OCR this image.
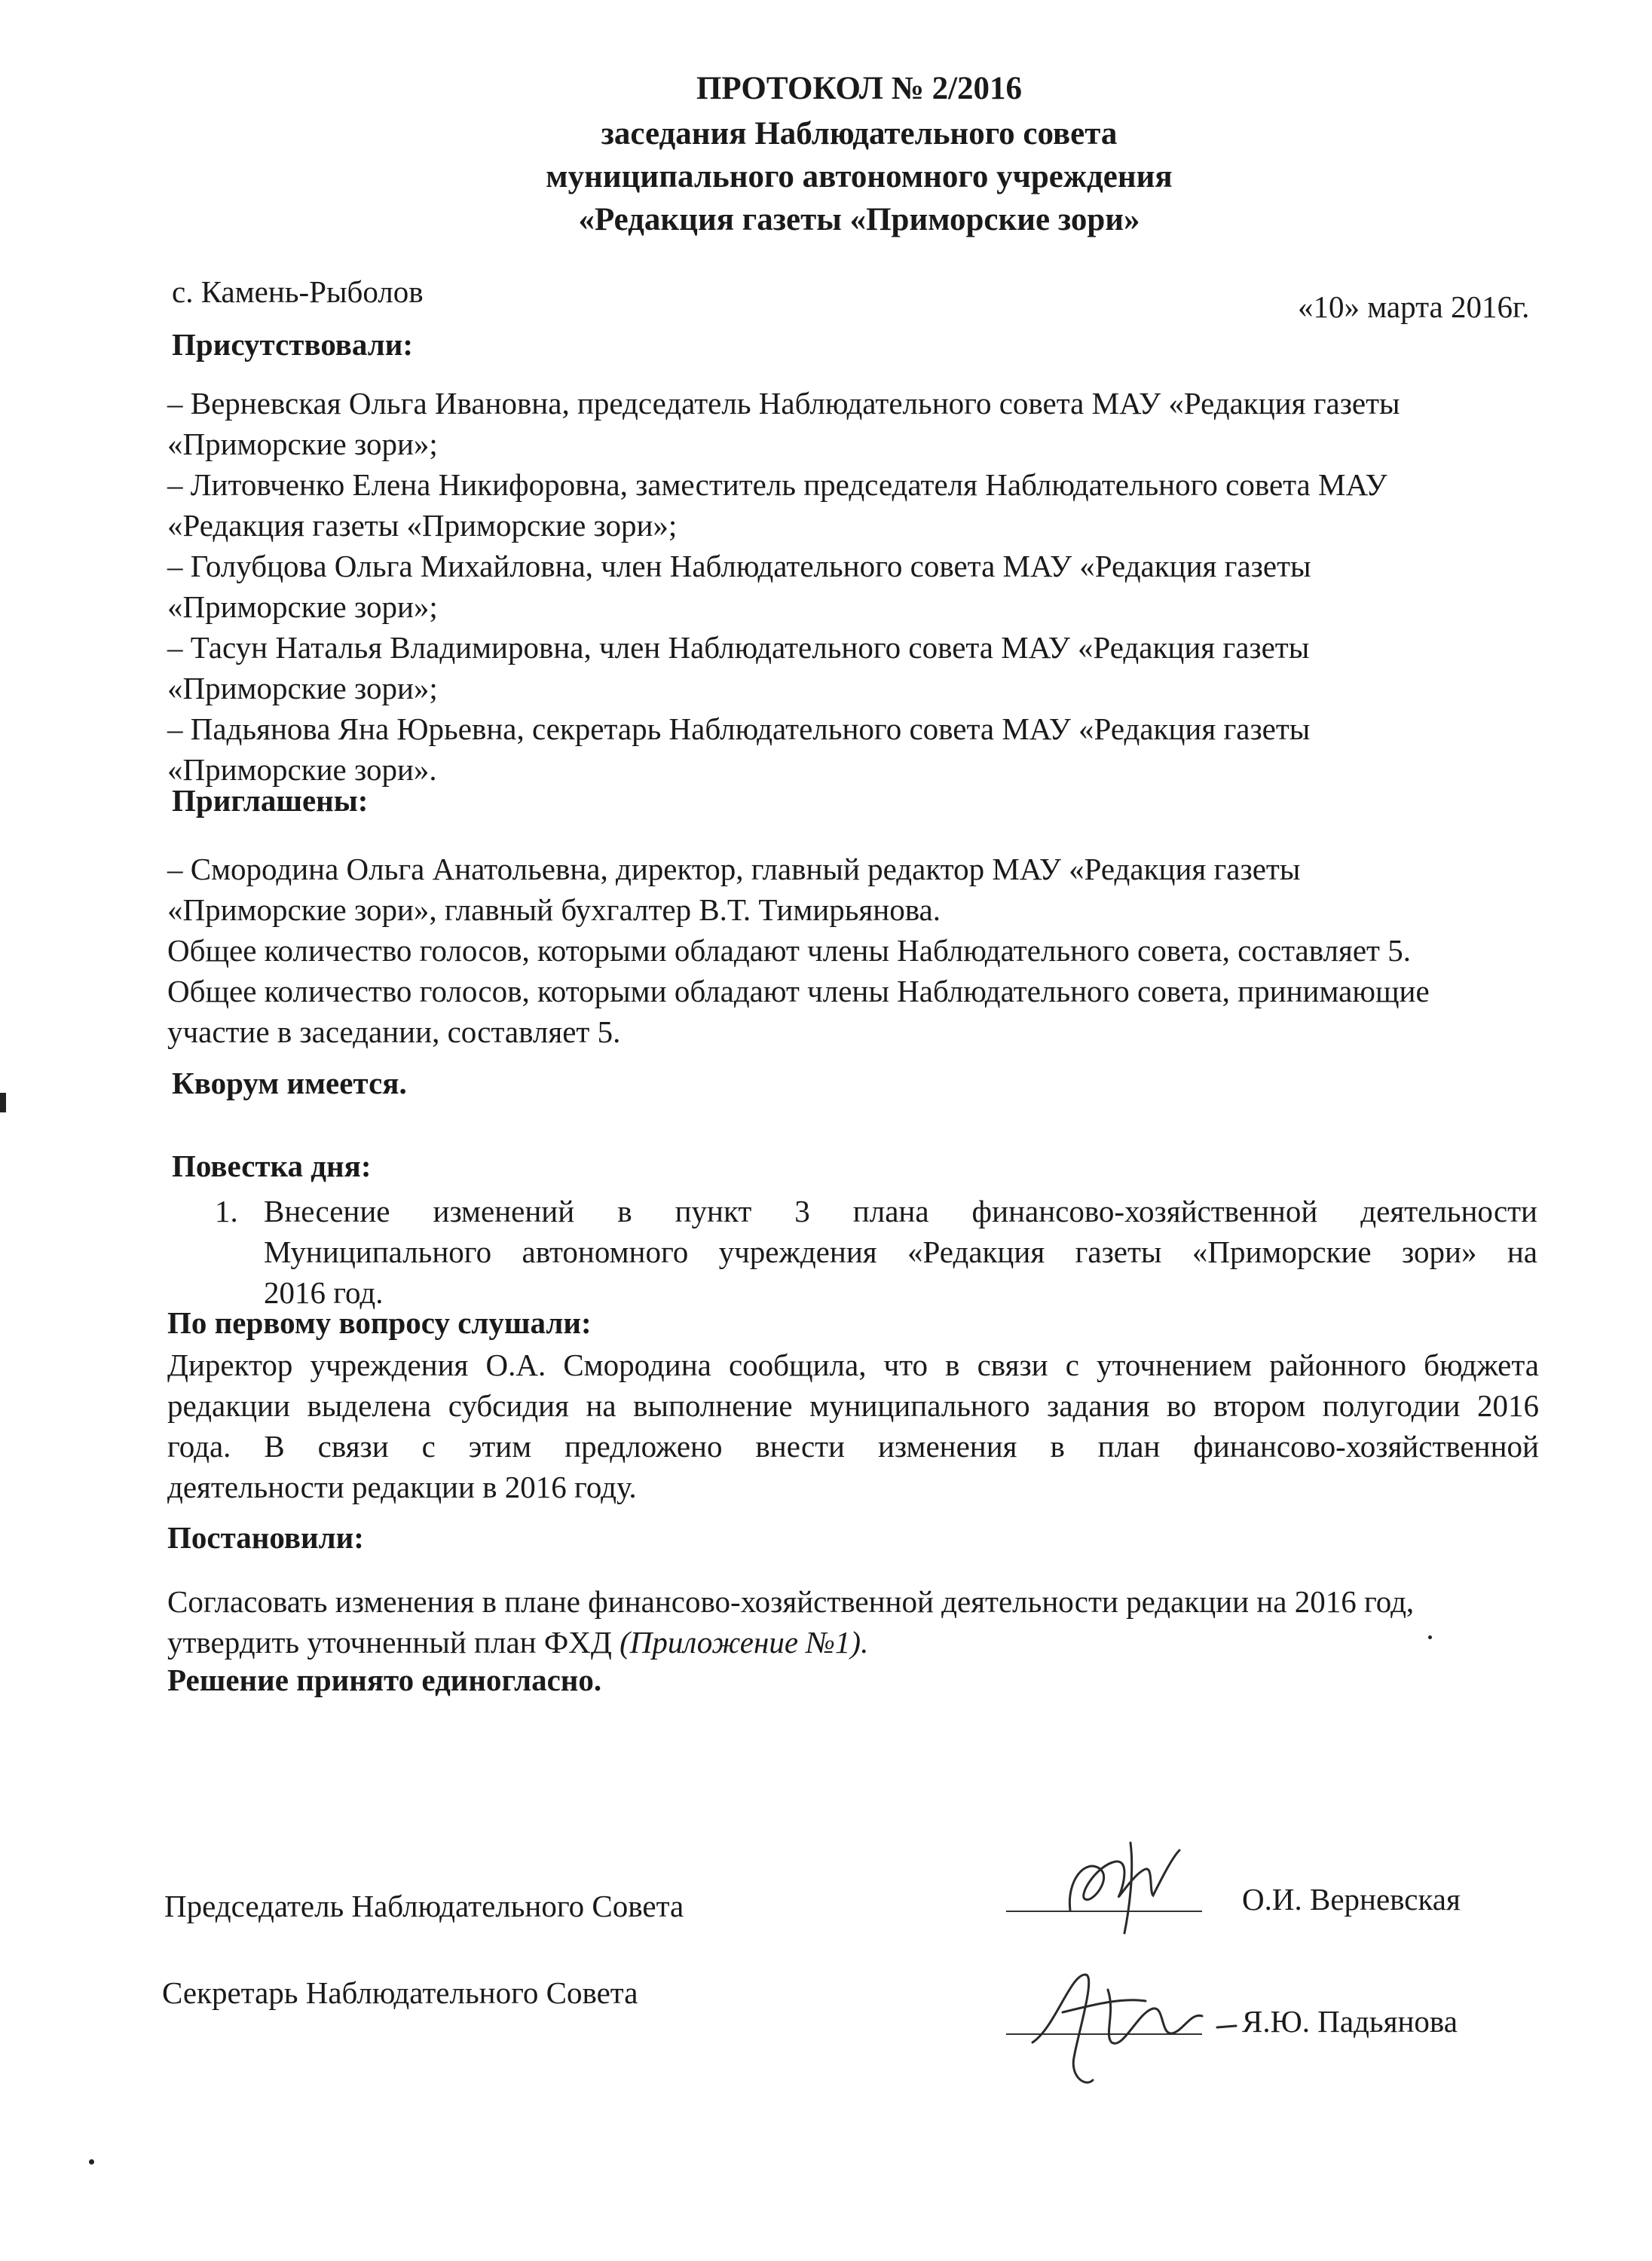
ПРОТОКОЛ № 2/2016
заседания Наблюдательного совета
муниципального автономного учреждения
«Редакция газеты «Приморские зори»
с. Камень-Рыболов	«10» марта 2016г.
Присутствовали:
– Верневская Ольга Ивановна, председатель Наблюдательного совета МАУ «Редакция газеты
«Приморские зори»;
– Литовченко Елена Никифоровна, заместитель председателя Наблюдательного совета МАУ
«Редакция газеты «Приморские зори»;
– Голубцова Ольга Михайловна, член Наблюдательного совета МАУ «Редакция газеты
«Приморские зори»;
– Тасун Наталья Владимировна, член Наблюдательного совета МАУ «Редакция газеты
«Приморские зори»;
– Падьянова Яна Юрьевна, секретарь Наблюдательного совета МАУ «Редакция газеты
«Приморские зори».
Приглашены:
– Смородина Ольга Анатольевна, директор, главный редактор МАУ «Редакция газеты
«Приморские зори», главный бухгалтер В.Т. Тимирьянова.
Общее количество голосов, которыми обладают члены Наблюдательного совета, составляет 5.
Общее количество голосов, которыми обладают члены Наблюдательного совета, принимающие
участие в заседании, составляет 5.
Кворум имеется.
Повестка дня:
1. Внесение изменений в пункт 3 плана финансово-хозяйственной деятельности
Муниципального автономного учреждения «Редакция газеты «Приморские зори» на
2016 год.
По первому вопросу слушали:
Директор учреждения О.А. Смородина сообщила, что в связи с уточнением районного бюджета
редакции выделена субсидия на выполнение муниципального задания во втором полугодии 2016
года. В связи с этим предложено внести изменения в план финансово-хозяйственной
деятельности редакции в 2016 году.
Постановили:
Согласовать изменения в плане финансово-хозяйственной деятельности редакции на 2016 год,
утвердить уточненный план ФХД (Приложение №1).
Решение принято единогласно.
Председатель Наблюдательного Совета	О.И. Верневская
Секретарь Наблюдательного Совета
Я.Ю. Падьянова
